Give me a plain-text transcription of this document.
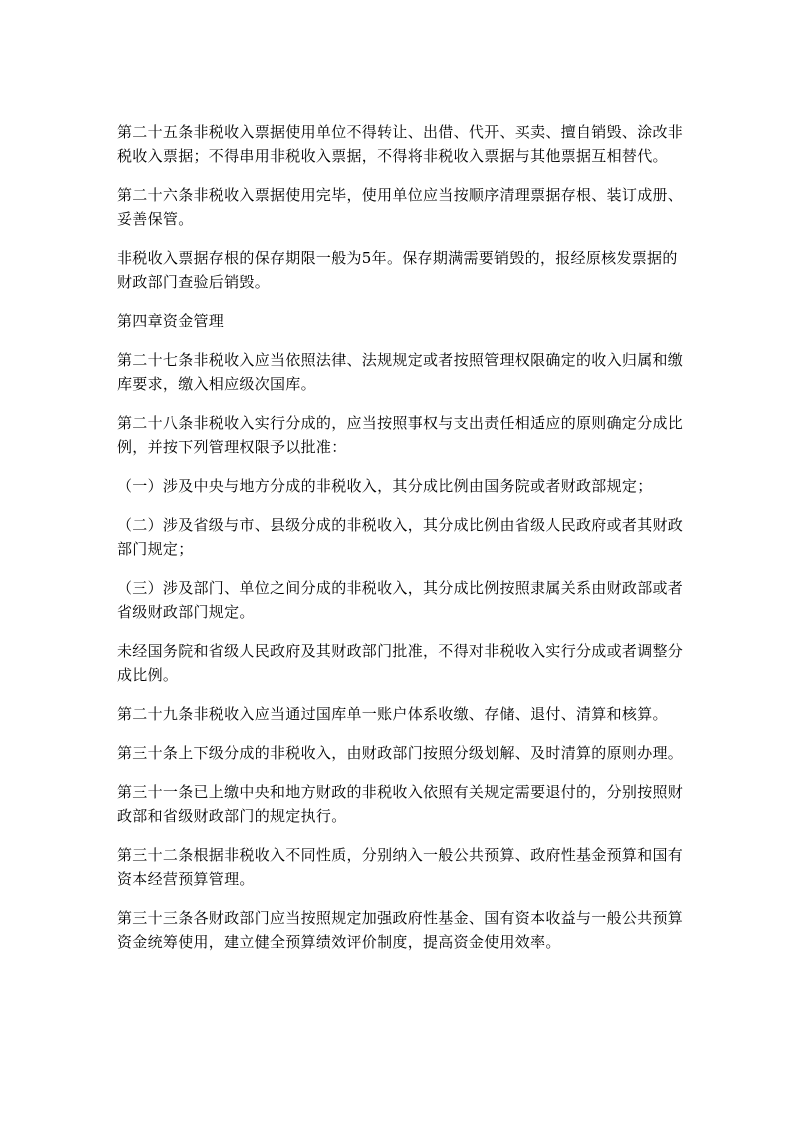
第二十五条非税收入票据使用单位不得转让、出借、代开、买卖、擅自销毁、涂改非税收入票据；不得串用非税收入票据，不得将非税收入票据与其他票据互相替代。

第二十六条非税收入票据使用完毕，使用单位应当按顺序清理票据存根、装订成册、妥善保管。

非税收入票据存根的保存期限一般为5年。保存期满需要销毁的，报经原核发票据的财政部门查验后销毁。

第四章资金管理

第二十七条非税收入应当依照法律、法规规定或者按照管理权限确定的收入归属和缴库要求，缴入相应级次国库。

第二十八条非税收入实行分成的，应当按照事权与支出责任相适应的原则确定分成比例，并按下列管理权限予以批准：

（一）涉及中央与地方分成的非税收入，其分成比例由国务院或者财政部规定；

（二）涉及省级与市、县级分成的非税收入，其分成比例由省级人民政府或者其财政部门规定；

（三）涉及部门、单位之间分成的非税收入，其分成比例按照隶属关系由财政部或者省级财政部门规定。

未经国务院和省级人民政府及其财政部门批准，不得对非税收入实行分成或者调整分成比例。

第二十九条非税收入应当通过国库单一账户体系收缴、存储、退付、清算和核算。

第三十条上下级分成的非税收入，由财政部门按照分级划解、及时清算的原则办理。

第三十一条已上缴中央和地方财政的非税收入依照有关规定需要退付的，分别按照财政部和省级财政部门的规定执行。

第三十二条根据非税收入不同性质，分别纳入一般公共预算、政府性基金预算和国有资本经营预算管理。

第三十三条各财政部门应当按照规定加强政府性基金、国有资本收益与一般公共预算资金统筹使用，建立健全预算绩效评价制度，提高资金使用效率。
